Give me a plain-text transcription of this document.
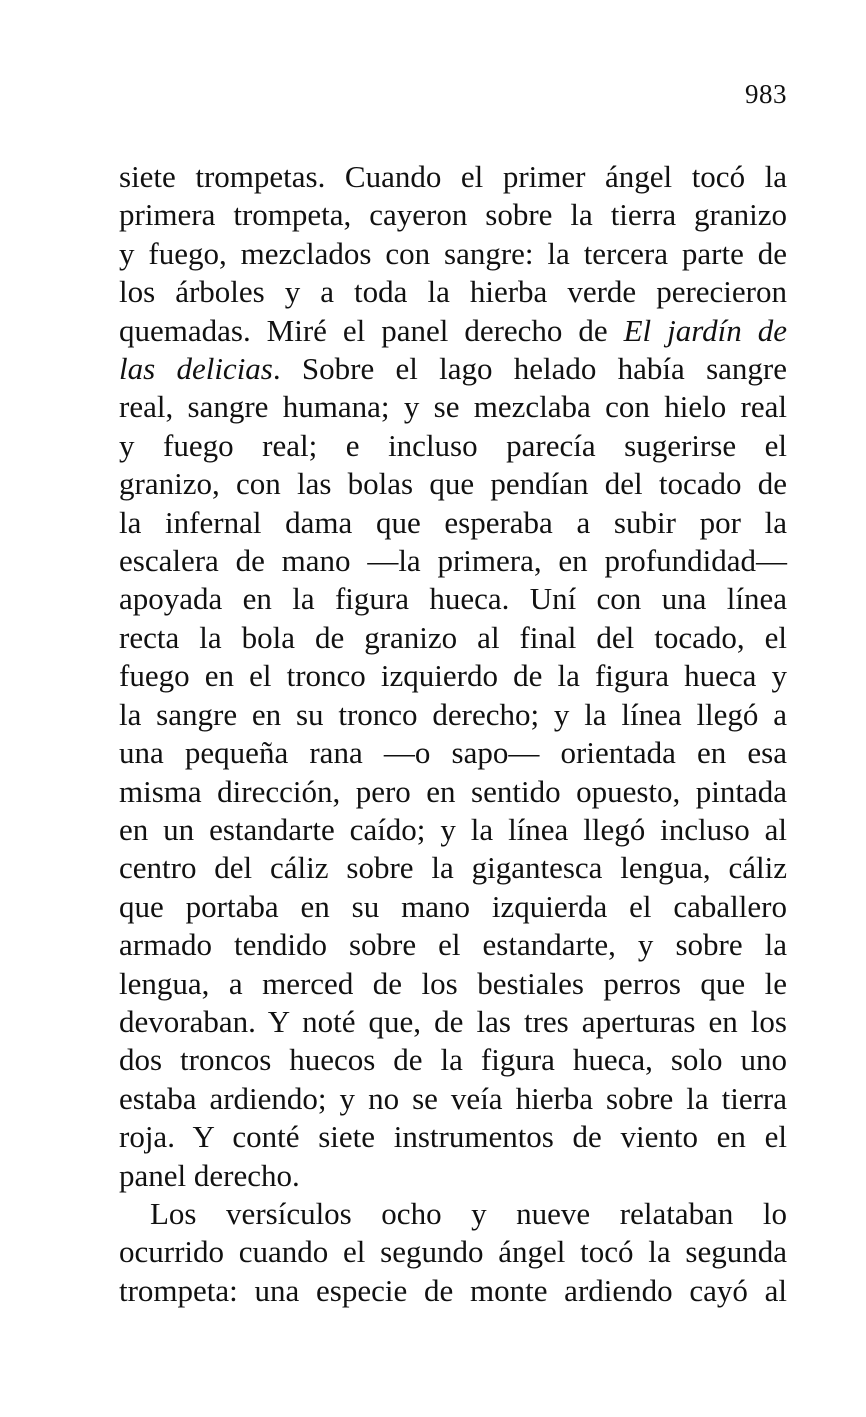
983
siete trompetas. Cuando el primer ángel tocó la
primera trompeta, cayeron sobre la tierra granizo
y fuego, mezclados con sangre: la tercera parte de
los árboles y a toda la hierba verde perecieron
quemadas. Miré el panel derecho de El jardín de
las delicias. Sobre el lago helado había sangre
real, sangre humana; y se mezclaba con hielo real
y fuego real; e incluso parecía sugerirse el
granizo, con las bolas que pendían del tocado de
la infernal dama que esperaba a subir por la
escalera de mano —la primera, en profundidad—
apoyada en la figura hueca. Uní con una línea
recta la bola de granizo al final del tocado, el
fuego en el tronco izquierdo de la figura hueca y
la sangre en su tronco derecho; y la línea llegó a
una pequeña rana —o sapo— orientada en esa
misma dirección, pero en sentido opuesto, pintada
en un estandarte caído; y la línea llegó incluso al
centro del cáliz sobre la gigantesca lengua, cáliz
que portaba en su mano izquierda el caballero
armado tendido sobre el estandarte, y sobre la
lengua, a merced de los bestiales perros que le
devoraban. Y noté que, de las tres aperturas en los
dos troncos huecos de la figura hueca, solo uno
estaba ardiendo; y no se veía hierba sobre la tierra
roja. Y conté siete instrumentos de viento en el
panel derecho.
Los versículos ocho y nueve relataban lo
ocurrido cuando el segundo ángel tocó la segunda
trompeta: una especie de monte ardiendo cayó al
